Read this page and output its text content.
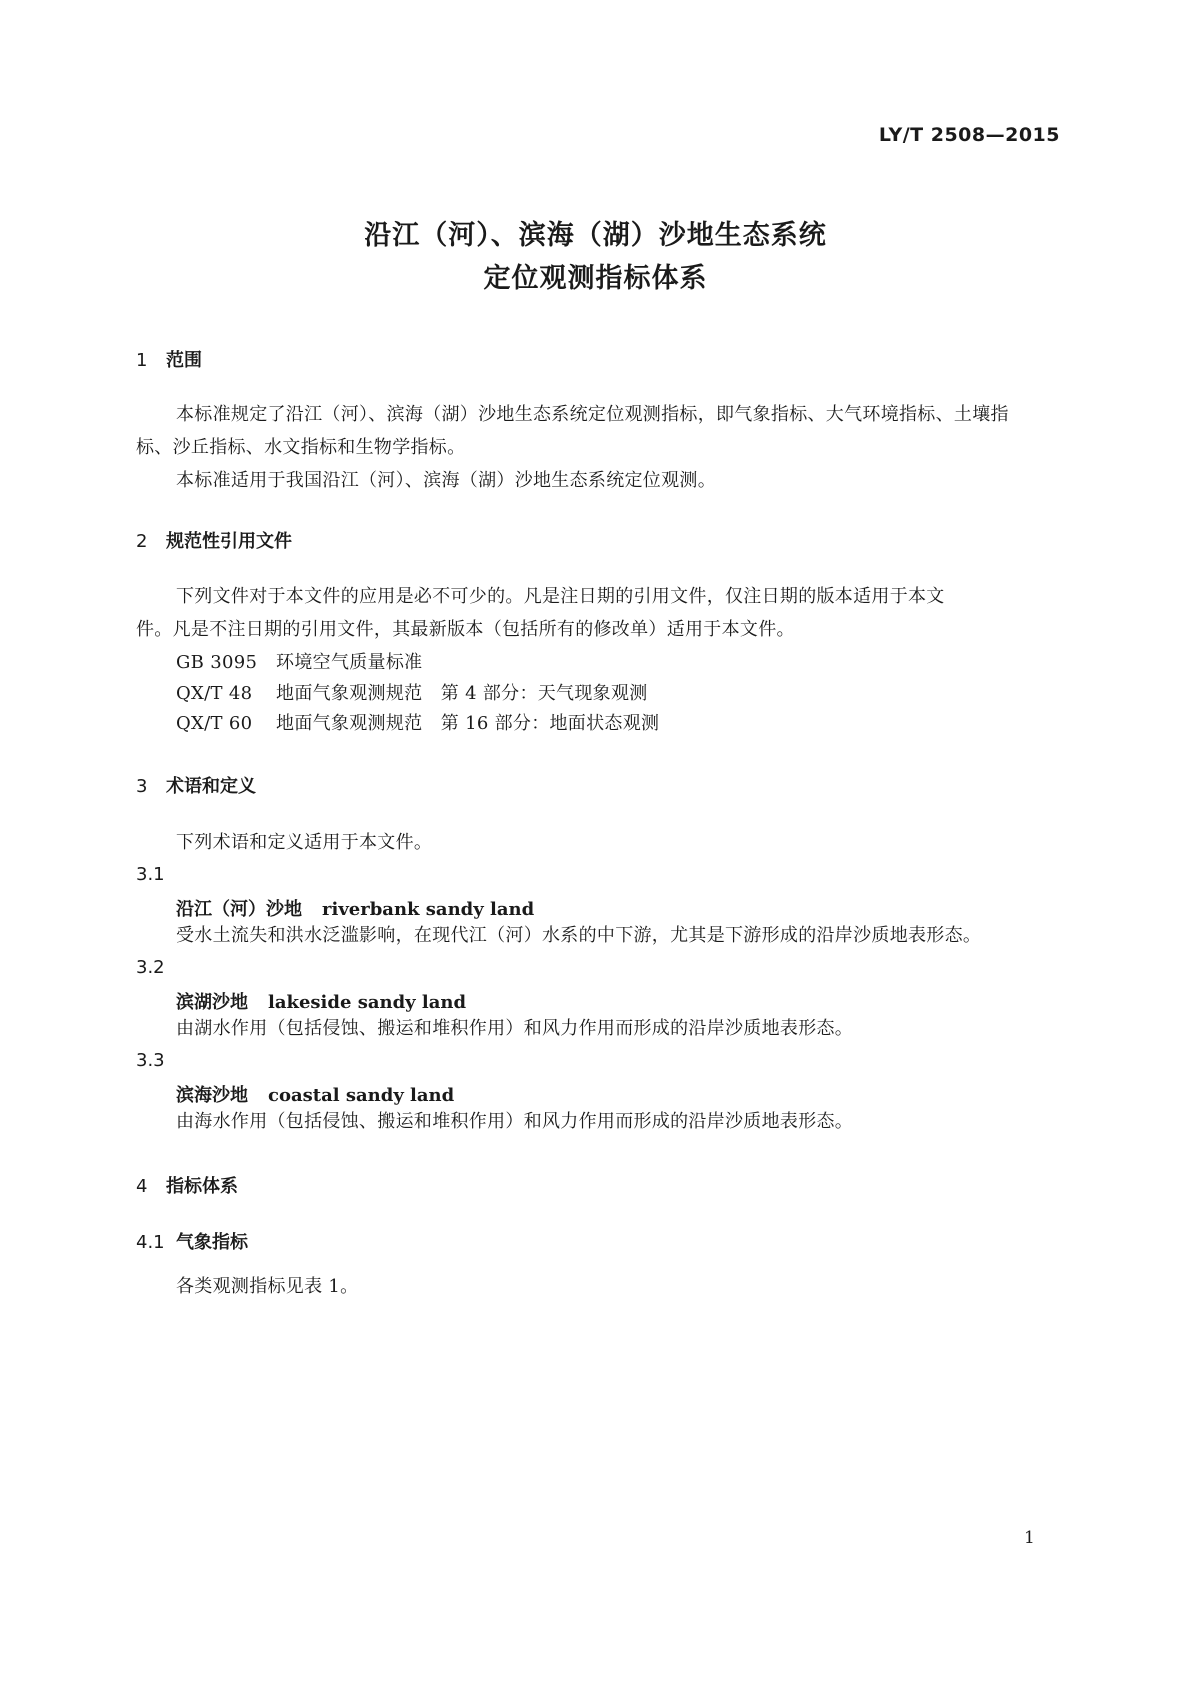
LY/T 2508—2015
沿江（河）、滨海（湖）沙地生态系统
定位观测指标体系
1 范围
本标准规定了沿江（河）、滨海（湖）沙地生态系统定位观测指标，即气象指标、大气环境指标、土壤指
标、沙丘指标、水文指标和生物学指标。
本标准适用于我国沿江（河）、滨海（湖）沙地生态系统定位观测。
2 规范性引用文件
下列文件对于本文件的应用是必不可少的。凡是注日期的引用文件，仅注日期的版本适用于本文
件。凡是不注日期的引用文件，其最新版本（包括所有的修改单）适用于本文件。
GB 3095 环境空气质量标准
QX/T 48 地面气象观测规范　第 4 部分：天气现象观测
QX/T 60 地面气象观测规范　第 16 部分：地面状态观测
3 术语和定义
下列术语和定义适用于本文件。
3.1
沿江（河）沙地 riverbank sandy land
受水土流失和洪水泛滥影响，在现代江（河）水系的中下游，尤其是下游形成的沿岸沙质地表形态。
3.2
滨湖沙地 lakeside sandy land
由湖水作用（包括侵蚀、搬运和堆积作用）和风力作用而形成的沿岸沙质地表形态。
3.3
滨海沙地 coastal sandy land
由海水作用（包括侵蚀、搬运和堆积作用）和风力作用而形成的沿岸沙质地表形态。
4 指标体系
4.1 气象指标
各类观测指标见表 1。
1
